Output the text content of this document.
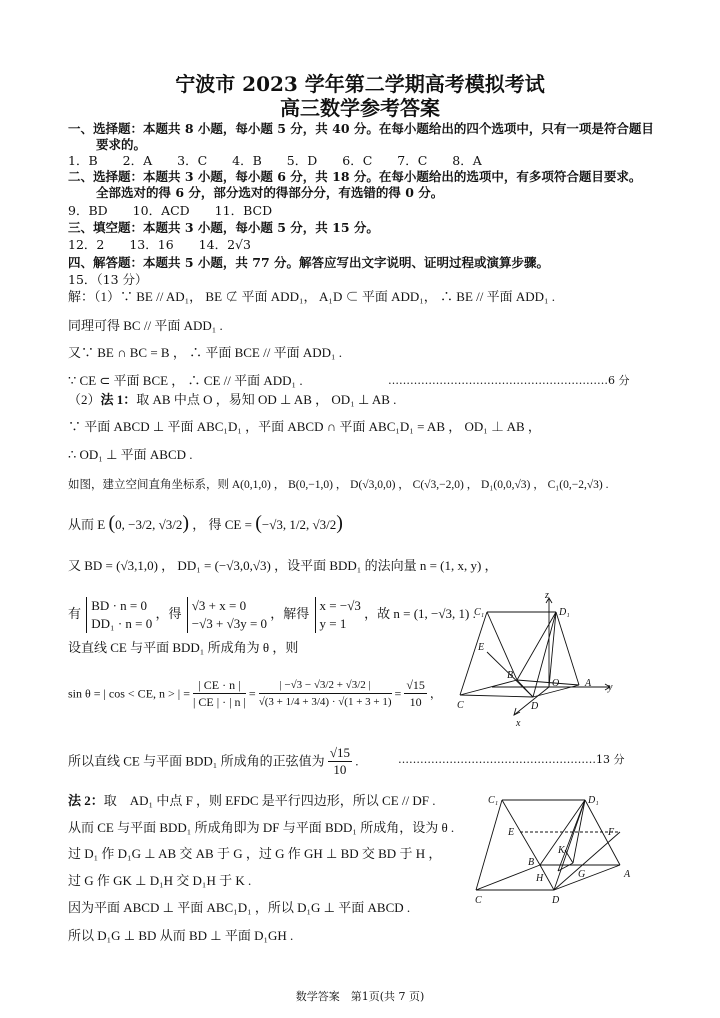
宁波市 2023 学年第二学期高考模拟考试
高三数学参考答案
一、选择题：本题共 8 小题，每小题 5 分，共 40 分。在每小题给出的四个选项中，只有一项是符合题目
要求的。
1．B　　2．A　　3．C　　4．B　　5．D　　6．C　　7．C　　8．A
二、选择题：本题共 3 小题，每小题 6 分，共 18 分。在每小题给出的选项中，有多项符合题目要求。
全部选对的得 6 分，部分选对的得部分分，有选错的得 0 分。
9．BD　　10．ACD　　11．BCD
三、填空题：本题共 3 小题，每小题 5 分，共 15 分。
12．2　　13．16　　14．2√3
四、解答题：本题共 5 小题，共 77 分。解答应写出文字说明、证明过程或演算步骤。
15．（13 分）
解：（1）∵ BE // AD₁， BE ⊄ 平面 ADD₁， A₁D ⊂ 平面 ADD₁， ∴ BE // 平面 ADD₁ .
同理可得 BC // 平面 ADD₁ .
又∵ BE ∩ BC = B ， ∴ 平面 BCE // 平面 ADD₁ .
∵ CE ⊂ 平面 BCE ， ∴ CE // 平面 ADD₁ .	……………………………………………………6 分
（2）法 1：取 AB 中点 O ，易知 OD ⊥ AB ， OD₁ ⊥ AB .
∵ 平面 ABCD ⊥ 平面 ABC₁D₁ ，平面 ABCD ∩ 平面 ABC₁D₁ = AB ， OD₁ ⊥ AB ，
∴ OD₁ ⊥ 平面 ABCD .
如图，建立空间直角坐标系，则 A(0,1,0) ， B(0,−1,0) ， D(√3,0,0) ， C(√3,−2,0) ， D₁(0,0,√3) ， C₁(0,−2,√3) .
从而 E (0, −3/2, √3/2) ， 得 CE = (−√3, 1/2, √3/2)
又 BD = (√3,1,0) ， DD₁ = (−√3,0,√3) ，设平面 BDD₁ 的法向量 n = (1, x, y) ，
有
BD · n = 0
DD₁ · n = 0
，得
√3 + x = 0
−√3 + √3y = 0
，解得
x = −√3
y = 1
，故 n = (1, −√3, 1) .
设直线 CE 与平面 BDD₁ 所成角为 θ ，则
sin θ = | cos < CE, n > | = $\frac{| CE \cdot n |}{| CE | \cdot | n |} = \frac{| -√3 - √3/2 + √3/2 |}{√(3 + 1/4 + 3/4) \cdot √(1 + 3 + 1)} = \frac{√15}{10}$ ，
所以直线 CE 与平面 BDD₁ 所成角的正弦值为 $\frac{√15}{10}$ .	………………………………………………13 分
法 2：取　AD₁ 中点 F ，则 EFDC 是平行四边形，所以 CE // DF .
从而 CE 与平面 BDD₁ 所成角即为 DF 与平面 BDD₁ 所成角，设为 θ .
过 D₁ 作 D₁G ⊥ AB 交 AB 于 G ，过 G 作 GH ⊥ BD 交 BD 于 H ，
过 G 作 GK ⊥ D₁H 交 D₁H 于 K .
因为平面 ABCD ⊥ 平面 ABC₁D₁ ，所以 D₁G ⊥ 平面 ABCD .
所以 D₁G ⊥ BD 从而 BD ⊥ 平面 D₁GH .
C₁	D₁
z
E
B
O	A y
C	D
x
C₁	D₁
E	F
K
B
H	G	A
C	D
数学答案　第1页(共 7 页)
